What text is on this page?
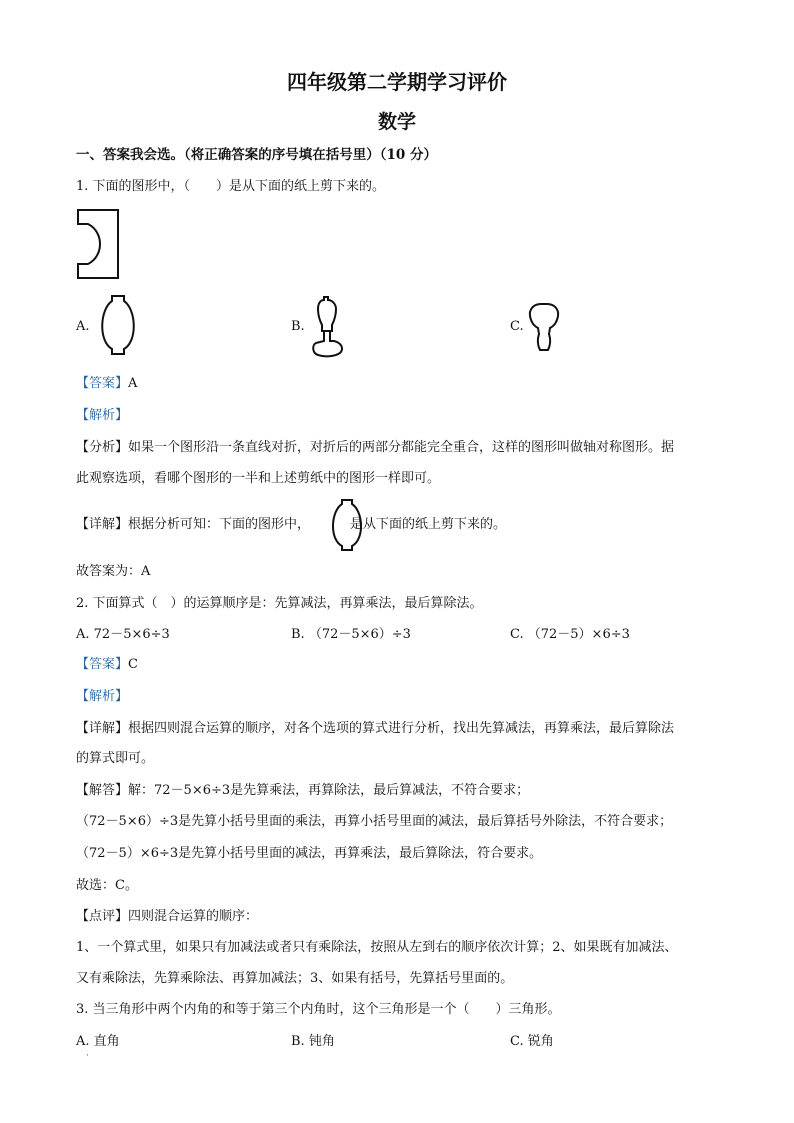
四年级第二学期学习评价
数学
一、答案我会选。（将正确答案的序号填在括号里）（10 分）
1. 下面的图形中，（　　）是从下面的纸上剪下来的。
A.	B.	C.
【答案】A
【解析】
【分析】如果一个图形沿一条直线对折，对折后的两部分都能完全重合，这样的图形叫做轴对称图形。据
此观察选项，看哪个图形的一半和上述剪纸中的图形一样即可。
【详解】根据分析可知：下面的图形中，	是从下面的纸上剪下来的。
故答案为：A
2. 下面算式（　）的运算顺序是：先算减法，再算乘法，最后算除法。
A. 72－5×6÷3	B. （72－5×6）÷3	C. （72－5）×6÷3
【答案】C
【解析】
【详解】根据四则混合运算的顺序，对各个选项的算式进行分析，找出先算减法，再算乘法，最后算除法
的算式即可。
【解答】解：72－5×6÷3是先算乘法，再算除法，最后算减法，不符合要求；
（72－5×6）÷3是先算小括号里面的乘法，再算小括号里面的减法，最后算括号外除法，不符合要求；
（72－5）×6÷3是先算小括号里面的减法，再算乘法，最后算除法，符合要求。
故选：C。
【点评】四则混合运算的顺序：
1、一个算式里，如果只有加减法或者只有乘除法，按照从左到右的顺序依次计算；2、如果既有加减法、
又有乘除法，先算乘除法、再算加减法；3、如果有括号，先算括号里面的。
3. 当三角形中两个内角的和等于第三个内角时，这个三角形是一个（　　）三角形。
A. 直角	B. 钝角	C. 锐角
·
